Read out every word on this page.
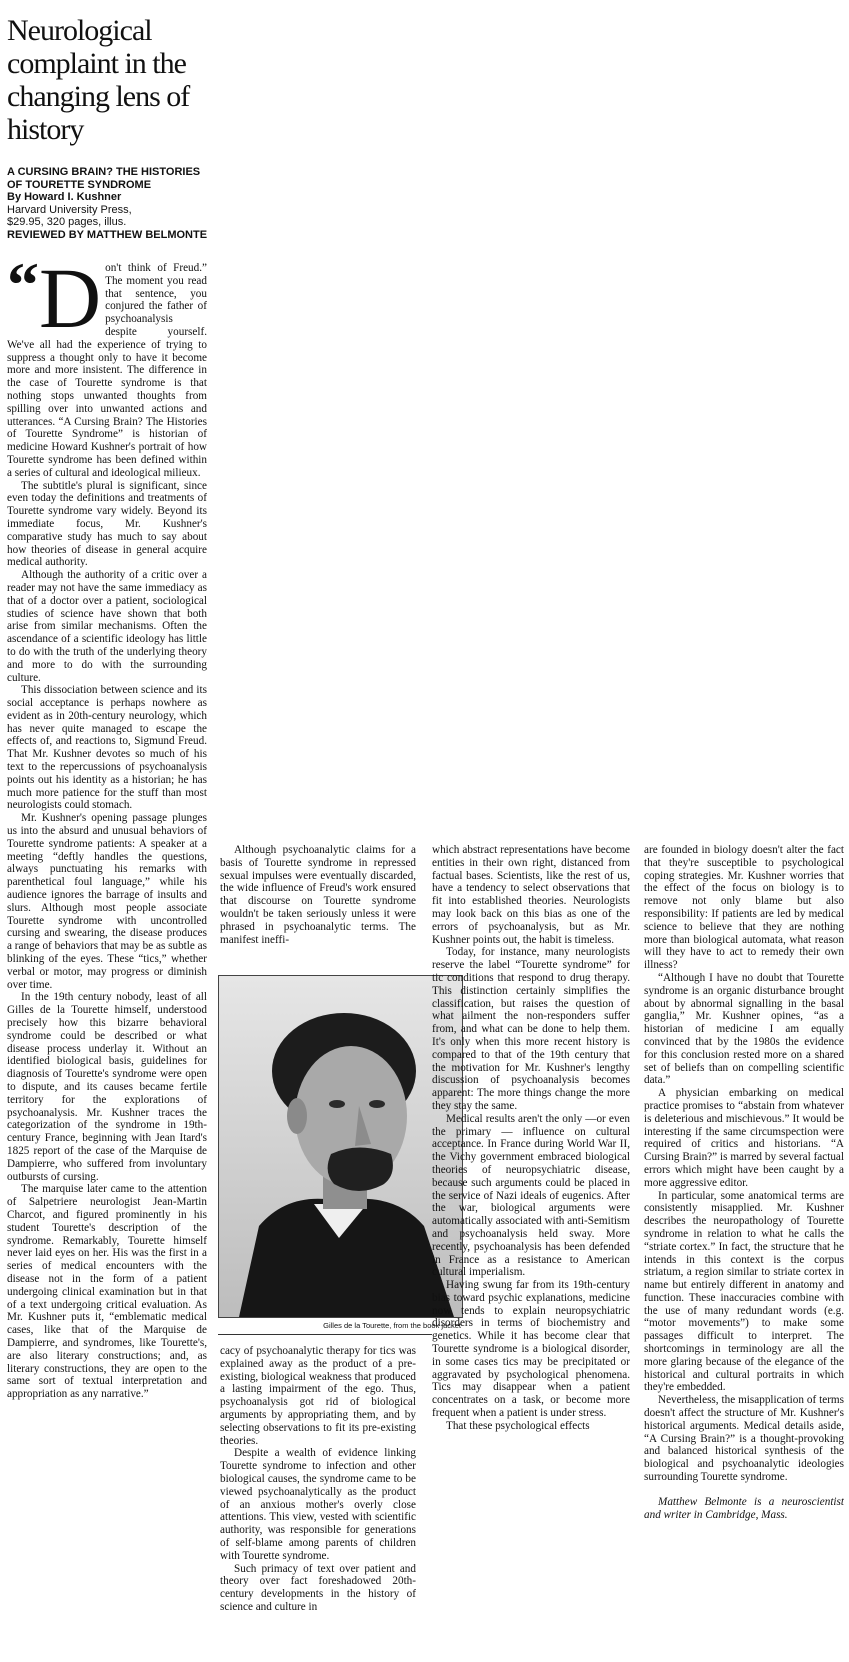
Neurological complaint in the changing lens of history
A CURSING BRAIN? THE HISTORIES OF TOURETTE SYNDROME
By Howard I. Kushner
Harvard University Press,
$29.95, 320 pages, illus.
REVIEWED BY MATTHEW BELMONTE

“ D on't think of Freud.” The moment you read that sentence, you conjured the father of psychoanalysis despite yourself. We've all had the experience of trying to suppress a thought only to have it become more and more insistent. The difference in the case of Tourette syndrome is that nothing stops unwanted thoughts from spilling over into unwanted actions and utterances. “A Cursing Brain? The Histories of Tourette Syndrome” is historian of medicine Howard Kushner's portrait of how Tourette syndrome has been defined within a series of cultural and ideological milieux.

The subtitle's plural is significant, since even today the definitions and treatments of Tourette syndrome vary widely. Beyond its immediate focus, Mr. Kushner's comparative study has much to say about how theories of disease in general acquire medical authority.

Although the authority of a critic over a reader may not have the same immediacy as that of a doctor over a patient, sociological studies of science have shown that both arise from similar mechanisms. Often the ascendance of a scientific ideology has little to do with the truth of the underlying theory and more to do with the surrounding culture.

This dissociation between science and its social acceptance is perhaps nowhere as evident as in 20th-century neurology, which has never quite managed to escape the effects of, and reactions to, Sigmund Freud. That Mr. Kushner devotes so much of his text to the repercussions of psychoanalysis points out his identity as a historian; he has much more patience for the stuff than most neurologists could stomach.

Mr. Kushner's opening passage plunges us into the absurd and unusual behaviors of Tourette syndrome patients: A speaker at a meeting “deftly handles the questions, always punctuating his remarks with parenthetical foul language,” while his audience ignores the barrage of insults and slurs. Although most people associate Tourette syndrome with uncontrolled cursing and swearing, the disease produces a range of behaviors that may be as subtle as blinking of the eyes. These “tics,” whether verbal or motor, may progress or diminish over time.

In the 19th century nobody, least of all Gilles de la Tourette himself, understood precisely how this bizarre behavioral syndrome could be described or what disease process underlay it. Without an identified biological basis, guidelines for diagnosis of Tourette's syndrome were open to dispute, and its causes became fertile territory for the explorations of psychoanalysis. Mr. Kushner traces the categorization of the syndrome in 19th-century France, beginning with Jean Itard's 1825 report of the case of the Marquise de Dampierre, who suffered from involuntary outbursts of cursing.

The marquise later came to the attention of Salpetriere neurologist Jean-Martin Charcot, and figured prominently in his student Tourette's description of the syndrome. Remarkably, Tourette himself never laid eyes on her. His was the first in a series of medical encounters with the disease not in the form of a patient undergoing clinical examination but in that of a text undergoing critical evaluation. As Mr. Kushner puts it, “emblematic medical cases, like that of the Marquise de Dampierre, and syndromes, like Tourette's, are also literary constructions; and, as literary constructions, they are open to the same sort of textual interpretation and appropriation as any narrative.”

Although psychoanalytic claims for a basis of Tourette syndrome in repressed sexual impulses were eventually discarded, the wide influence of Freud's work ensured that discourse on Tourette syndrome wouldn't be taken seriously unless it were phrased in psychoanalytic terms. The manifest ineffi-

Gilles de la Tourette, from the book jacket

cacy of psychoanalytic therapy for tics was explained away as the product of a pre-existing, biological weakness that produced a lasting impairment of the ego. Thus, psychoanalysis got rid of biological arguments by appropriating them, and by selecting observations to fit its pre-existing theories.

Despite a wealth of evidence linking Tourette syndrome to infection and other biological causes, the syndrome came to be viewed psychoanalytically as the product of an anxious mother's overly close attentions. This view, vested with scientific authority, was responsible for generations of self-blame among parents of children with Tourette syndrome.

Such primacy of text over patient and theory over fact foreshadowed 20th-century developments in the history of science and culture in

which abstract representations have become entities in their own right, distanced from factual bases. Scientists, like the rest of us, have a tendency to select observations that fit into established theories. Neurologists may look back on this bias as one of the errors of psychoanalysis, but as Mr. Kushner points out, the habit is timeless.

Today, for instance, many neurologists reserve the label “Tourette syndrome” for tic conditions that respond to drug therapy. This distinction certainly simplifies the classification, but raises the question of what ailment the non-responders suffer from, and what can be done to help them. It's only when this more recent history is compared to that of the 19th century that the motivation for Mr. Kushner's lengthy discussion of psychoanalysis becomes apparent: The more things change the more they stay the same.

Medical results aren't the only —or even the primary — influence on cultural acceptance. In France during World War II, the Vichy government embraced biological theories of neuropsychiatric disease, because such arguments could be placed in the service of Nazi ideals of eugenics. After the war, biological arguments were automatically associated with anti-Semitism and psychoanalysis held sway. More recently, psychoanalysis has been defended in France as a resistance to American cultural imperialism.

Having swung far from its 19th-century bias toward psychic explanations, medicine now tends to explain neuropsychiatric disorders in terms of biochemistry and genetics. While it has become clear that Tourette syndrome is a biological disorder, in some cases tics may be precipitated or aggravated by psychological phenomena. Tics may disappear when a patient concentrates on a task, or become more frequent when a patient is under stress.

That these psychological effects

are founded in biology doesn't alter the fact that they're susceptible to psychological coping strategies. Mr. Kushner worries that the effect of the focus on biology is to remove not only blame but also responsibility: If patients are led by medical science to believe that they are nothing more than biological automata, what reason will they have to act to remedy their own illness?

“Although I have no doubt that Tourette syndrome is an organic disturbance brought about by abnormal signalling in the basal ganglia,” Mr. Kushner opines, “as a historian of medicine I am equally convinced that by the 1980s the evidence for this conclusion rested more on a shared set of beliefs than on compelling scientific data.”

A physician embarking on medical practice promises to “abstain from whatever is deleterious and mischievous.” It would be interesting if the same circumspection were required of critics and historians. “A Cursing Brain?” is marred by several factual errors which might have been caught by a more aggressive editor.

In particular, some anatomical terms are consistently misapplied. Mr. Kushner describes the neuropathology of Tourette syndrome in relation to what he calls the “striate cortex.” In fact, the structure that he intends in this context is the corpus striatum, a region similar to striate cortex in name but entirely different in anatomy and function. These inaccuracies combine with the use of many redundant words (e.g. “motor movements”) to make some passages difficult to interpret. The shortcomings in terminology are all the more glaring because of the elegance of the historical and cultural portraits in which they're embedded.

Nevertheless, the misapplication of terms doesn't affect the structure of Mr. Kushner's historical arguments. Medical details aside, “A Cursing Brain?” is a thought-provoking and balanced historical synthesis of the biological and psychoanalytic ideologies surrounding Tourette syndrome.

Matthew Belmonte is a neuroscientist and writer in Cambridge, Mass.
